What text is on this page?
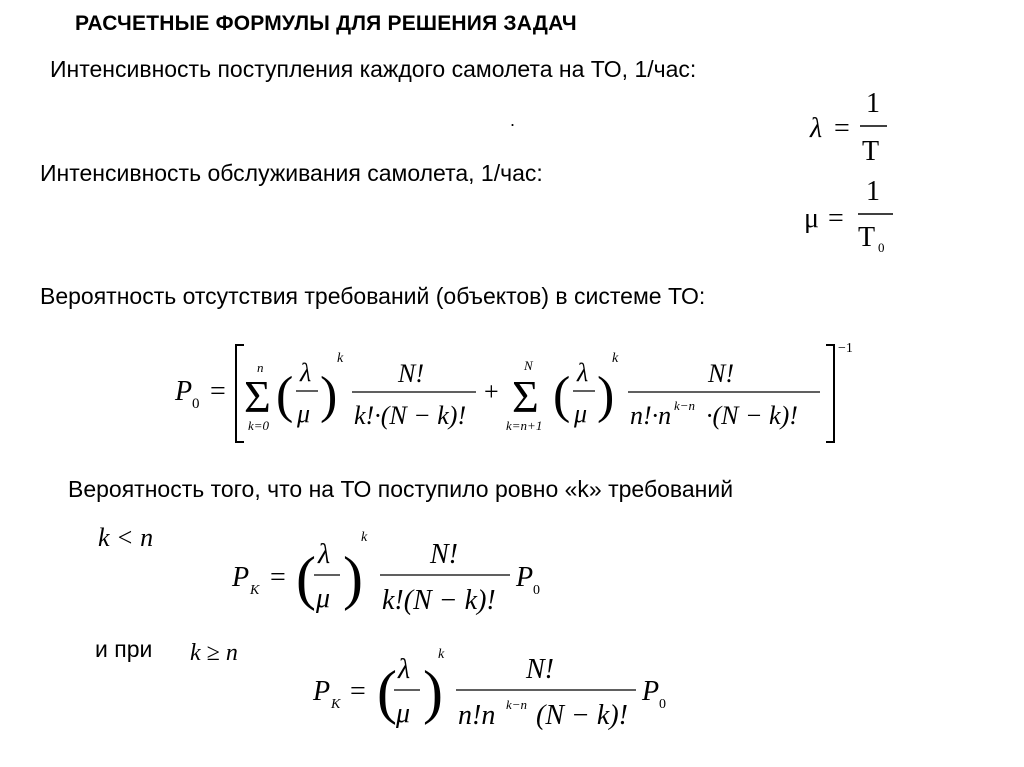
РАСЧЕТНЫЕ ФОРМУЛЫ ДЛЯ РЕШЕНИЯ ЗАДАЧ
Интенсивность поступления каждого самолета на ТО, 1/час:
.
Интенсивность обслуживания самолета, 1/час:
Вероятность отсутствия требований (объектов) в системе ТО:
Вероятность того, что на ТО поступило ровно «k» требований
и при
λ =
1
T
μ =
1
T 0
P 0 =
n
Σ
k=0
( λ
μ )
k
N!
k!·(N − k)!
+
N
Σ
k=n+1
( λ
μ )
k
N!
n!·n k−n ·(N − k)!
−1
k < n
k ≥ n
P K = ( λ
μ )
k
N!
k!(N − k)!
P 0
P K = ( λ
μ )
k	N!
n!n k−n (N − k)!
P 0
